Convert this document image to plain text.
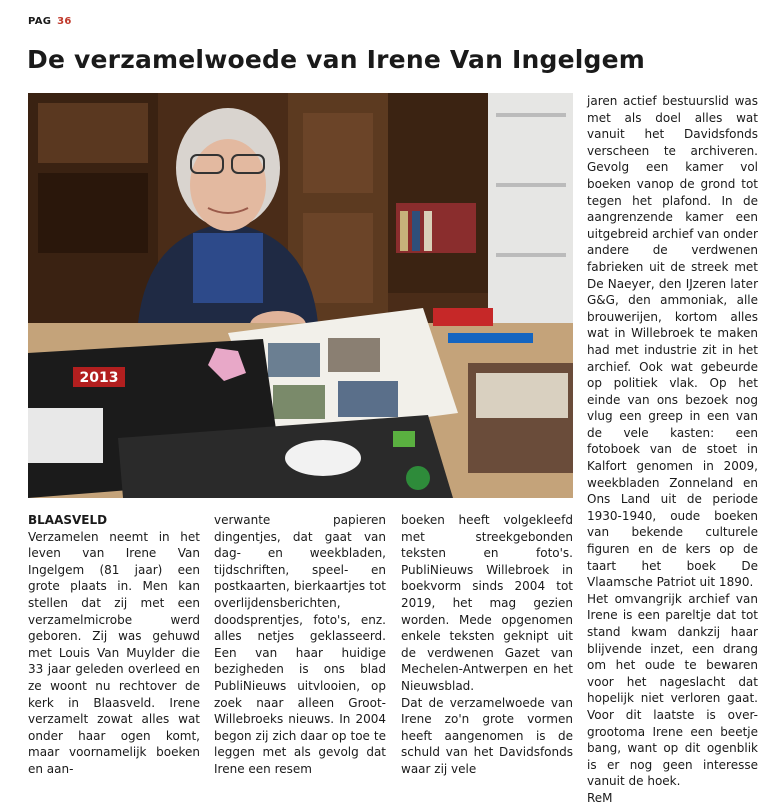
PAG 36
De verzamelwoede van Irene Van Ingelgem
2013
BLAASVELD

Verzamelen neemt in het leven van Irene Van Ingelgem (81 jaar) een grote plaats in. Men kan stellen dat zij met een verzamelmicrobe werd geboren. Zij was gehuwd met Louis Van Muylder die 33 jaar geleden overleed en ze woont nu rechtover de kerk in Blaasveld. Irene verzamelt zowat alles wat onder haar ogen komt, maar voornamelijk boeken en aan-

verwante papieren dingentjes, dat gaat van dag- en weekbladen, tijdschriften, speel- en postkaarten, bierkaartjes tot overlijdensberichten, doodsprentjes, foto's, enz. alles netjes geklasseerd. Een van haar huidige bezigheden is ons blad PubliNieuws uitvlooien, op zoek naar alleen Groot-Willebroeks nieuws. In 2004 begon zij zich daar op toe te leggen met als gevolg dat Irene een resem

boeken heeft volgekleefd met streekgebonden teksten en foto's. PubliNieuws Willebroek in boekvorm sinds 2004 tot 2019, het mag gezien worden. Mede opgenomen enkele teksten geknipt uit de verdwenen Gazet van Mechelen-Antwerpen en het Nieuwsblad.

Dat de verzamelwoede van Irene zo'n grote vormen heeft aangenomen is de schuld van het Davidsfonds waar zij vele

jaren actief bestuurslid was met als doel alles wat vanuit het Davidsfonds verscheen te archiveren. Gevolg een kamer vol boeken vanop de grond tot tegen het plafond. In de aangrenzende kamer een uitgebreid archief van onder andere de verdwenen fabrieken uit de streek met De Naeyer, den IJzeren later G&G, den ammoniak, alle brouwerijen, kortom alles wat in Willebroek te maken had met industrie zit in het archief. Ook wat gebeurde op politiek vlak. Op het einde van ons bezoek nog vlug een greep in een van de vele kasten: een fotoboek van de stoet in Kalfort genomen in 2009, weekbladen Zonneland en Ons Land uit de periode 1930-1940, oude boeken van bekende culturele figuren en de kers op de taart het boek De Vlaamsche Patriot uit 1890.

Het omvangrijk archief van Irene is een pareltje dat tot stand kwam dankzij haar blijvende inzet, een drang om het oude te bewaren voor het nageslacht dat hopelijk niet verloren gaat. Voor dit laatste is over-grootoma Irene een beetje bang, want op dit ogenblik is er nog geen interesse vanuit de hoek.

ReM
